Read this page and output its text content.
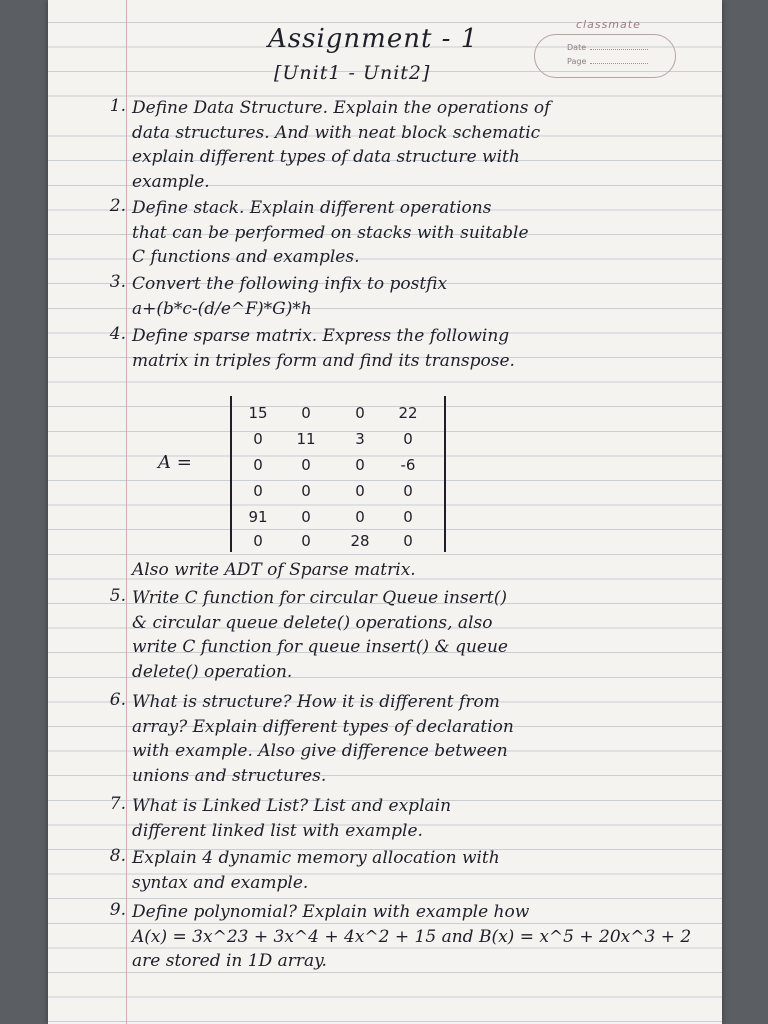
classmate
Date
Page
Assignment - 1
[Unit1 - Unit2]
1. Define Data Structure. Explain the operations of
data structures. And with neat block schematic
explain different types of data structure with
example.
2. Define stack. Explain different operations
that can be performed on stacks with suitable
C functions and examples.
3. Convert the following infix to postfix
a+(b*c-(d/e^F)*G)*h
4. Define sparse matrix. Express the following
matrix in triples form and find its transpose.
A =
15	0	0	22
0	11	3	0
0	0	0	-6
0	0	0	0
91	0	0	0
0	0	28	0
Also write ADT of Sparse matrix.
5. Write C function for circular Queue insert()
& circular queue delete() operations, also
write C function for queue insert() & queue
delete() operation.
6. What is structure? How it is different from
array? Explain different types of declaration
with example. Also give difference between
unions and structures.
7. What is Linked List? List and explain
different linked list with example.
8. Explain 4 dynamic memory allocation with
syntax and example.
9. Define polynomial? Explain with example how
A(x) = 3x^23 + 3x^4 + 4x^2 + 15 and B(x) = x^5 + 20x^3 + 2
are stored in 1D array.
